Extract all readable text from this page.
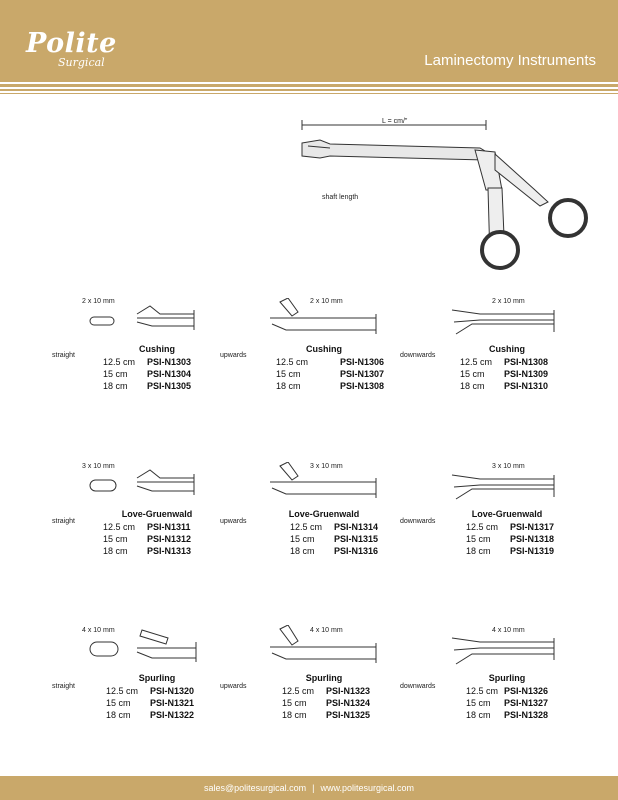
Polite
Surgical	Laminectomy Instruments
L = cm/"
shaft length
2 x 10 mm	2 x 10 mm	2 x 10 mm
straight	upwards	downwards
Cushing	Cushing	Cushing
12.5 cm PSI-N1303
15 cm PSI-N1304
18 cm PSI-N1305
12.5 cm	PSI-N1306
15 cm	PSI-N1307
18 cm	PSI-N1308
12.5 cm PSI-N1308
15 cm PSI-N1309
18 cm PSI-N1310
3 x 10 mm	3 x 10 mm	3 x 10 mm
straight	upwards	downwards
Love-Gruenwald	Love-Gruenwald	Love-Gruenwald
12.5 cm PSI-N1311
15 cm PSI-N1312
18 cm PSI-N1313
12.5 cm PSI-N1314
15 cm PSI-N1315
18 cm PSI-N1316
12.5 cm PSI-N1317
15 cm PSI-N1318
18 cm PSI-N1319
4 x 10 mm	4 x 10 mm	4 x 10 mm
straight	upwards	downwards
Spurling	Spurling	Spurling
12.5 cm PSI-N1320
15 cm PSI-N1321
18 cm PSI-N1322
12.5 cm PSI-N1323
15 cm PSI-N1324
18 cm PSI-N1325
12.5 cm PSI-N1326
15 cm PSI-N1327
18 cm PSI-N1328
sales@politesurgical.com | www.politesurgical.com
